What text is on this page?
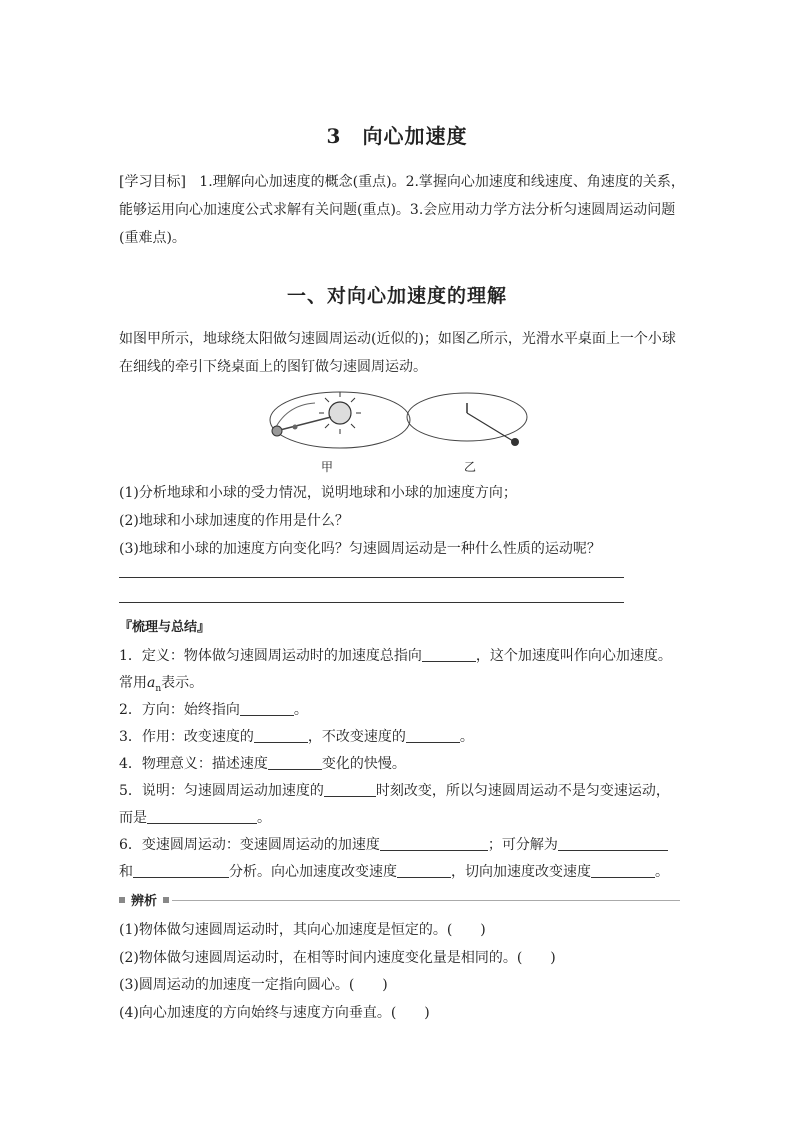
3　向心加速度
[学习目标] 1.理解向心加速度的概念(重点)。2.掌握向心加速度和线速度、角速度的关系，
能够运用向心加速度公式求解有关问题(重点)。3.会应用动力学方法分析匀速圆周运动问题
(重难点)。
一、对向心加速度的理解
如图甲所示，地球绕太阳做匀速圆周运动(近似的)；如图乙所示，光滑水平桌面上一个小球
在细线的牵引下绕桌面上的图钉做匀速圆周运动。
甲	乙
(1)分析地球和小球的受力情况，说明地球和小球的加速度方向；
(2)地球和小球加速度的作用是什么？
(3)地球和小球的加速度方向变化吗？匀速圆周运动是一种什么性质的运动呢？
『梳理与总结』
1．定义：物体做匀速圆周运动时的加速度总指向	，这个加速度叫作向心加速度。
常用$a_n$表示。
2．方向：始终指向	。
3．作用：改变速度的	，不改变速度的	。
4．物理意义：描述速度	变化的快慢。
5．说明：匀速圆周运动加速度的	时刻改变，所以匀速圆周运动不是匀变速运动，
而是	。
6．变速圆周运动：变速圆周运动的加速度	；可分解为
和	分析。向心加速度改变速度	，切向加速度改变速度	。
辨析
(1)物体做匀速圆周运动时，其向心加速度是恒定的。(　　)
(2)物体做匀速圆周运动时，在相等时间内速度变化量是相同的。(　　)
(3)圆周运动的加速度一定指向圆心。(　　)
(4)向心加速度的方向始终与速度方向垂直。(　　)
